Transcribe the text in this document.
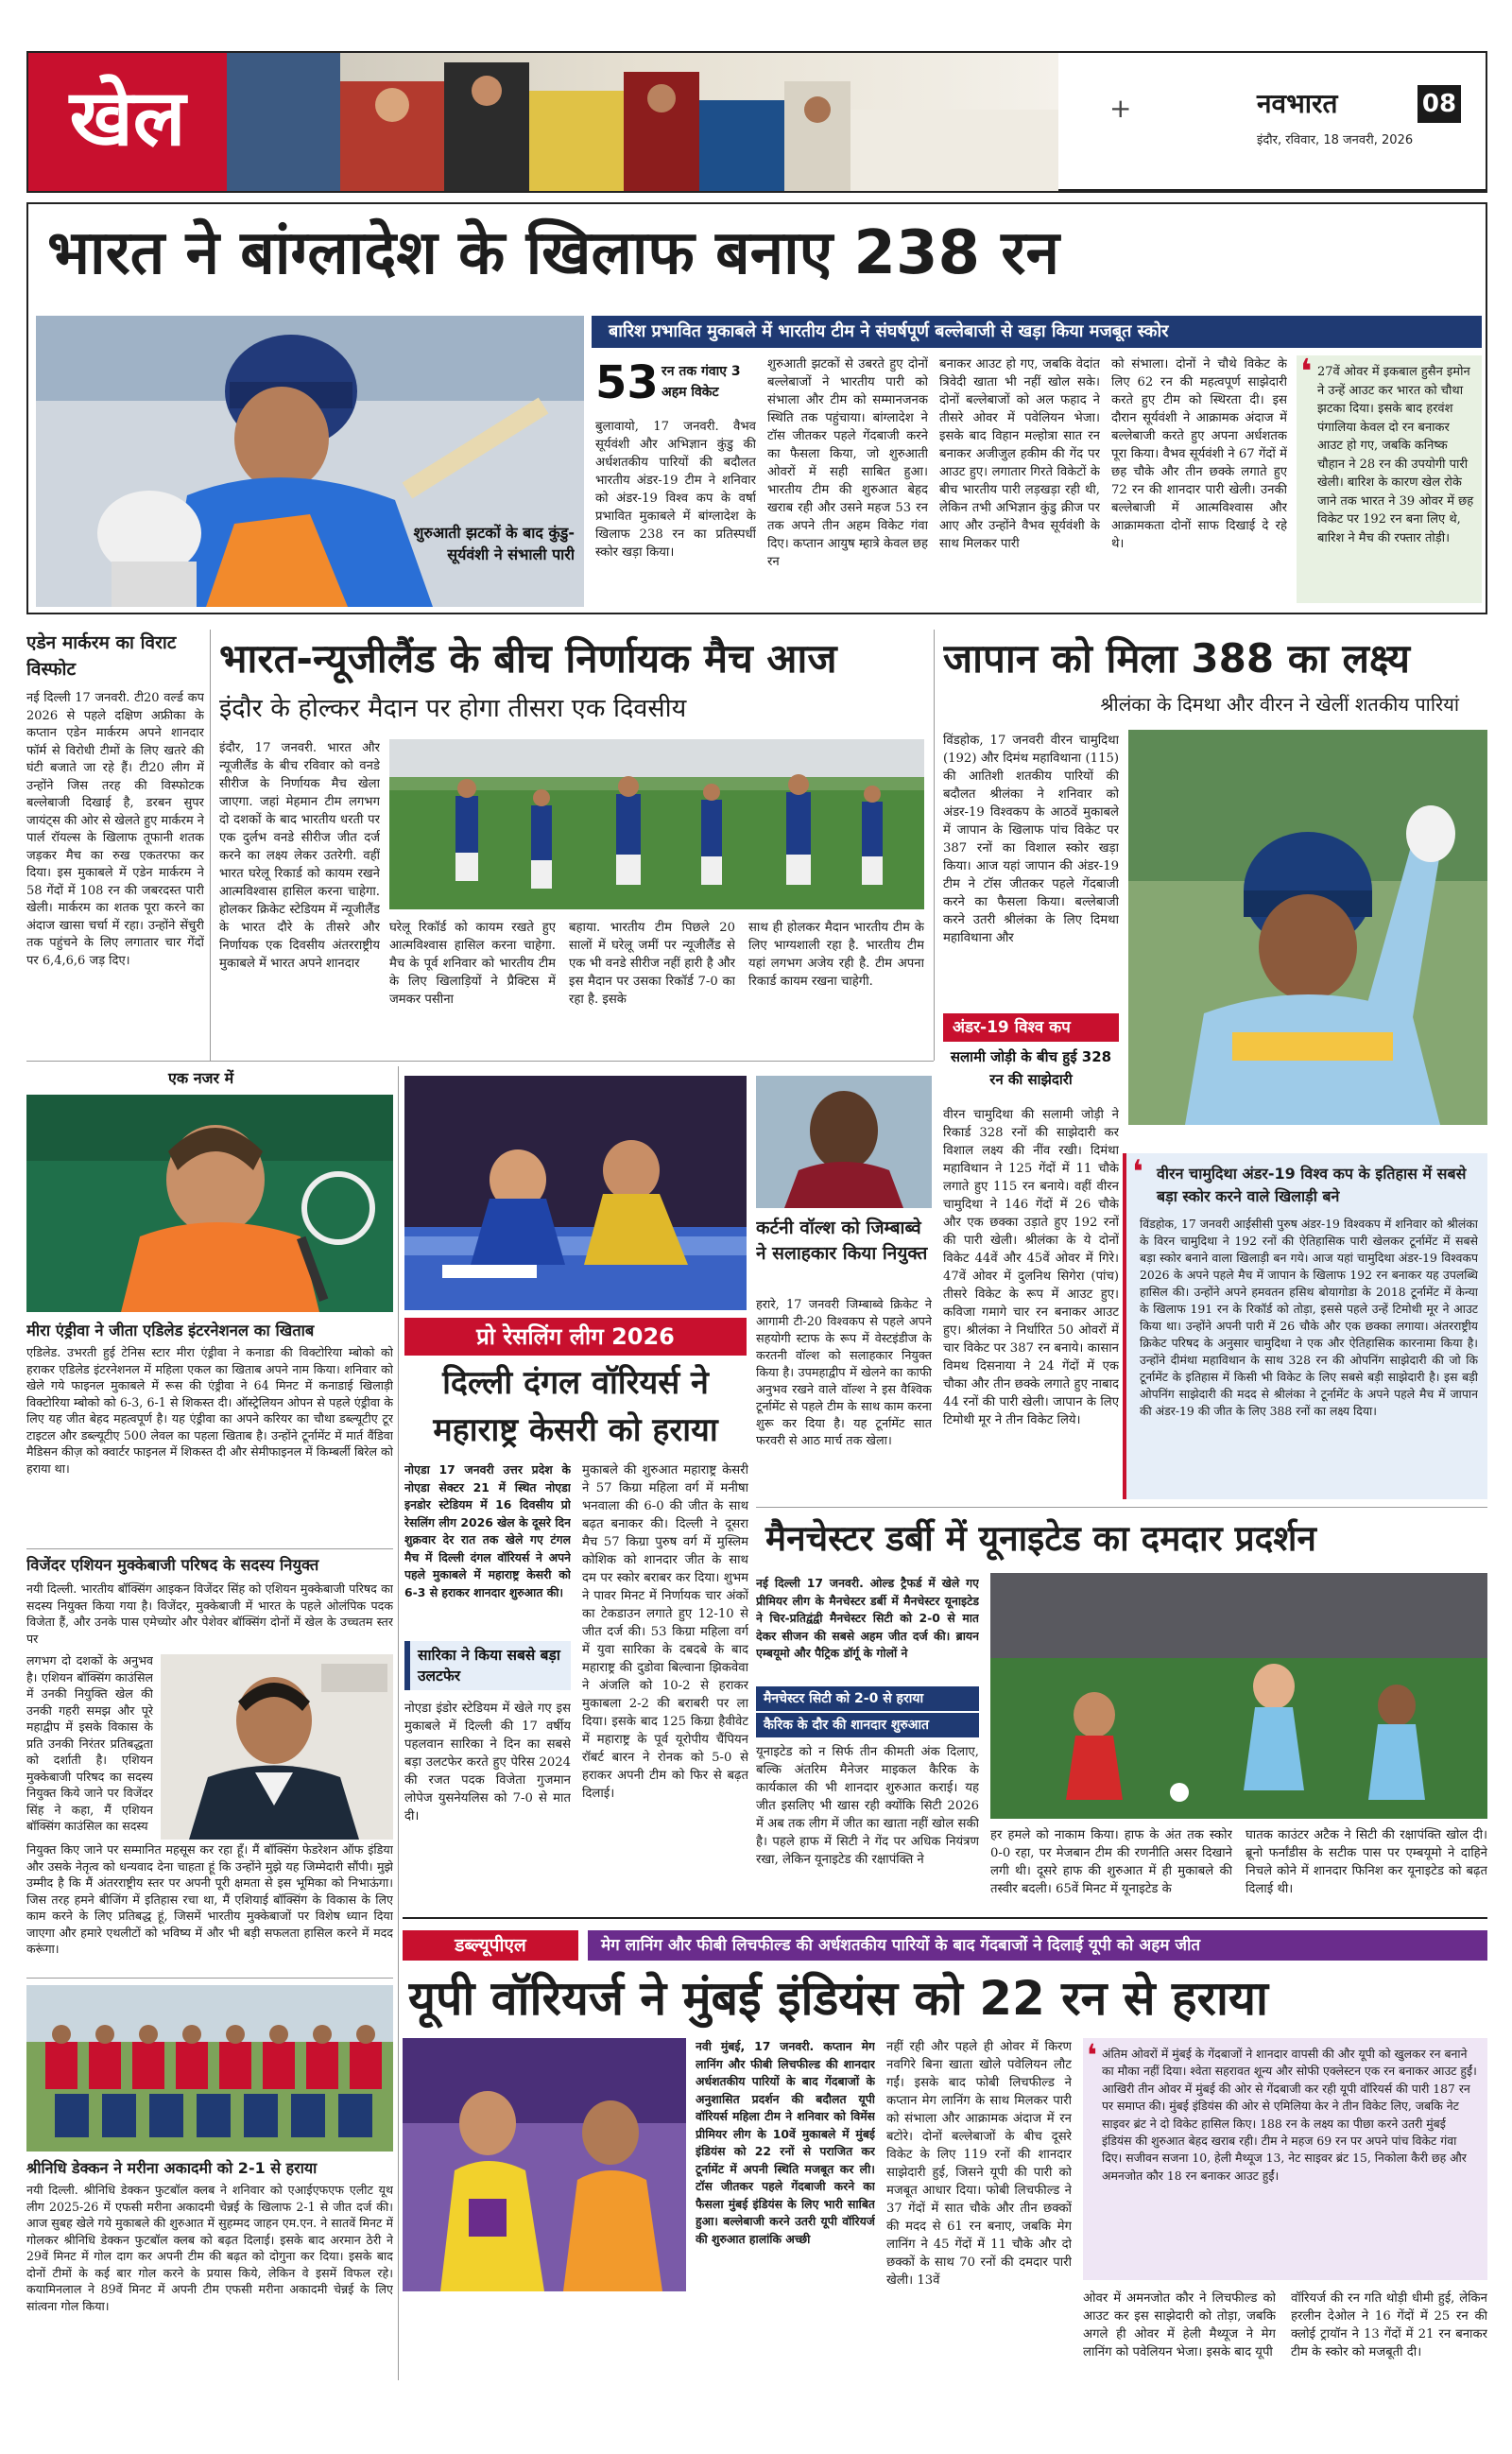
खेल	+	नवभारत	08
इंदौर, रविवार, 18 जनवरी, 2026
भारत ने बांग्लादेश के खिलाफ बनाए 238 रन
शुरुआती झटकों के बाद कुंडु-सूर्यवंशी ने संभाली पारी
बारिश प्रभावित मुकाबले में भारतीय टीम ने संघर्षपूर्ण बल्लेबाजी से खड़ा किया मजबूत स्कोर
53 रन तक गंवाए 3 अहम विकेट
बुलावायो, 17 जनवरी. वैभव सूर्यवंशी और अभिज्ञान कुंडु की अर्धशतकीय पारियों की बदौलत भारतीय अंडर-19 टीम ने शनिवार को अंडर-19 विश्व कप के वर्षा प्रभावित मुकाबले में बांग्लादेश के खिलाफ 238 रन का प्रतिस्पर्धी स्कोर खड़ा किया।
शुरुआती झटकों से उबरते हुए दोनों बल्लेबाजों ने भारतीय पारी को संभाला और टीम को सम्मानजनक स्थिति तक पहुंचाया। बांग्लादेश ने टॉस जीतकर पहले गेंदबाजी करने का फैसला किया, जो शुरुआती ओवरों में सही साबित हुआ। भारतीय टीम की शुरुआत बेहद खराब रही और उसने महज 53 रन तक अपने तीन अहम विकेट गंवा दिए। कप्तान आयुष म्हात्रे केवल छह रन
बनाकर आउट हो गए, जबकि वेदांत त्रिवेदी खाता भी नहीं खोल सके। दोनों बल्लेबाजों को अल फहाद ने तीसरे ओवर में पवेलियन भेजा। इसके बाद विहान मल्होत्रा सात रन बनाकर अजीजुल हकीम की गेंद पर आउट हुए। लगातार गिरते विकेटों के बीच भारतीय पारी लड़खड़ा रही थी, लेकिन तभी अभिज्ञान कुंडु क्रीज पर आए और उन्होंने वैभव सूर्यवंशी के साथ मिलकर पारी
को संभाला। दोनों ने चौथे विकेट के लिए 62 रन की महत्वपूर्ण साझेदारी करते हुए टीम को स्थिरता दी। इस दौरान सूर्यवंशी ने आक्रामक अंदाज में बल्लेबाजी करते हुए अपना अर्धशतक पूरा किया। वैभव सूर्यवंशी ने 67 गेंदों में छह चौके और तीन छक्के लगाते हुए 72 रन की शानदार पारी खेली। उनकी बल्लेबाजी में आत्मविश्वास और आक्रामकता दोनों साफ दिखाई दे रहे थे।
❛ 27वें ओवर में इकबाल हुसैन इमोन ने उन्हें आउट कर भारत को चौथा झटका दिया। इसके बाद हरवंश पंगालिया केवल दो रन बनाकर आउट हो गए, जबकि कनिष्क चौहान ने 28 रन की उपयोगी पारी खेली। बारिश के कारण खेल रोके जाने तक भारत ने 39 ओवर में छह विकेट पर 192 रन बना लिए थे, बारिश ने मैच की रफ्तार तोड़ी।
एडेन मार्करम का विराट विस्फोट
नई दिल्ली 17 जनवरी. टी20 वर्ल्ड कप 2026 से पहले दक्षिण अफ्रीका के कप्तान एडेन मार्करम अपने शानदार फॉर्म से विरोधी टीमों के लिए खतरे की घंटी बजाते जा रहे हैं। टी20 लीग में उन्होंने जिस तरह की विस्फोटक बल्लेबाजी दिखाई है, डरबन सुपर जायंट्स की ओर से खेलते हुए मार्करम ने पार्ल रॉयल्स के खिलाफ तूफानी शतक जड़कर मैच का रुख एकतरफा कर दिया। इस मुकाबले में एडेन मार्करम ने 58 गेंदों में 108 रन की जबरदस्त पारी खेली। मार्करम का शतक पूरा करने का अंदाज खासा चर्चा में रहा। उन्होंने सेंचुरी तक पहुंचने के लिए लगातार चार गेंदों पर 6,4,6,6 जड़ दिए।
भारत-न्यूजीलैंड के बीच निर्णायक मैच आज
इंदौर के होल्कर मैदान पर होगा तीसरा एक दिवसीय
इंदौर, 17 जनवरी. भारत और न्यूजीलैंड के बीच रविवार को वनडे सीरीज के निर्णायक मैच खेला जाएगा. जहां मेहमान टीम लगभग दो दशकों के बाद भारतीय धरती पर एक दुर्लभ वनडे सीरीज जीत दर्ज करने का लक्ष्य लेकर उतरेगी. वहीं भारत घरेलू रिकार्ड को कायम रखने आत्मविश्वास हासिल करना चाहेगा. होलकर क्रिकेट स्टेडियम में न्यूजीलैंड के भारत दौरे के तीसरे और निर्णायक एक दिवसीय अंतरराष्ट्रीय मुकाबले में भारत अपने शानदार
घरेलू रिकॉर्ड को कायम रखते हुए आत्मविश्वास हासिल करना चाहेगा. मैच के पूर्व शनिवार को भारतीय टीम के लिए खिलाड़ियों ने प्रैक्टिस में जमकर पसीना
बहाया. भारतीय टीम पिछले 20 सालों में घरेलू जमीं पर न्यूजीलैंड से एक भी वनडे सीरीज नहीं हारी है और इस मैदान पर उसका रिकॉर्ड 7-0 का रहा है. इसके
साथ ही होलकर मैदान भारतीय टीम के लिए भाग्यशाली रहा है. भारतीय टीम यहां लगभग अजेय रही है. टीम अपना रिकार्ड कायम रखना चाहेगी.
जापान को मिला 388 का लक्ष्य
श्रीलंका के दिमथा और वीरन ने खेलीं शतकीय पारियां
विंडहोक, 17 जनवरी वीरन चामुदिथा (192) और दिमंथ महाविथाना (115) की आतिशी शतकीय पारियों की बदौलत श्रीलंका ने शनिवार को अंडर-19 विश्वकप के आठवें मुकाबले में जापान के खिलाफ पांच विकेट पर 387 रनों का विशाल स्कोर खड़ा किया। आज यहां जापान की अंडर-19 टीम ने टॉस जीतकर पहले गेंदबाजी करने का फैसला किया। बल्लेबाजी करने उतरी श्रीलंका के लिए दिमथा महाविथाना और
अंडर-19 विश्व कप
सलामी जोड़ी के बीच हुई 328 रन की साझेदारी
वीरन चामुदिथा की सलामी जोड़ी ने रिकार्ड 328 रनों की साझेदारी कर विशाल लक्ष्य की नींव रखी। दिमंथा महाविथान ने 125 गेंदों में 11 चौके लगाते हुए 115 रन बनाये। वहीं वीरन चामुदिथा ने 146 गेंदों में 26 चौके और एक छक्का उड़ाते हुए 192 रनों की पारी खेली। श्रीलंका के ये दोनों विकेट 44वें और 45वें ओवर में गिरे। 47वें ओवर में दुलनिथ सिगेरा (पांच) तीसरे विकेट के रूप में आउट हुए। कविजा गमागे चार रन बनाकर आउट हुए। श्रीलंका ने निर्धारित 50 ओवरों में चार विकेट पर 387 रन बनाये। कासान विमथ दिसनाया ने 24 गेंदों में एक चौका और तीन छक्के लगाते हुए नाबाद 44 रनों की पारी खेली। जापान के लिए टिमोथी मूर ने तीन विकेट लिये।
एक नजर में
मीरा एंड्रीवा ने जीता एडिलेड इंटरनेशनल का खिताब
एडिलेड. उभरती हुई टेनिस स्टार मीरा एंड्रीवा ने कनाडा की विक्टोरिया म्बोको को हराकर एडिलेड इंटरनेशनल में महिला एकल का खिताब अपने नाम किया। शनिवार को खेले गये फाइनल मुकाबले में रूस की एंड्रीवा ने 64 मिनट में कनाडाई खिलाड़ी विक्टोरिया म्बोको को 6-3, 6-1 से शिकस्त दी। ऑस्ट्रेलियन ओपन से पहले एंड्रीवा के लिए यह जीत बेहद महत्वपूर्ण है। यह एंड्रीवा का अपने करियर का चौथा डब्ल्यूटीए टूर टाइटल और डब्ल्यूटीए 500 लेवल का पहला खिताब है। उन्होंने टूर्नामेंट में मार्त वैंडिवा मैडिसन कीज़ को क्वार्टर फाइनल में शिकस्त दी और सेमीफाइनल में किम्बर्ली बिरेल को हराया था।
विजेंदर एशियन मुक्केबाजी परिषद के सदस्य नियुक्त
नयी दिल्ली. भारतीय बॉक्सिंग आइकन विजेंदर सिंह को एशियन मुक्केबाजी परिषद का सदस्य नियुक्त किया गया है। विजेंदर, मुक्केबाजी में भारत के पहले ओलंपिक पदक विजेता हैं, और उनके पास एमेच्योर और पेशेवर बॉक्सिंग दोनों में खेल के उच्चतम स्तर पर
लगभग दो दशकों के अनुभव है। एशियन बॉक्सिंग काउंसिल में उनकी नियुक्ति खेल की उनकी गहरी समझ और पूरे महाद्वीप में इसके विकास के प्रति उनकी निरंतर प्रतिबद्धता को दर्शाती है। एशियन मुक्केबाजी परिषद का सदस्य नियुक्त किये जाने पर विजेंदर सिंह ने कहा, मैं एशियन बॉक्सिंग काउंसिल का सदस्य
नियुक्त किए जाने पर सम्मानित महसूस कर रहा हूँ। मैं बॉक्सिंग फेडरेशन ऑफ इंडिया और उसके नेतृत्व को धन्यवाद देना चाहता हूं कि उन्होंने मुझे यह जिम्मेदारी सौंपी। मुझे उम्मीद है कि मैं अंतरराष्ट्रीय स्तर पर अपनी पूरी क्षमता से इस भूमिका को निभाऊंगा। जिस तरह हमने बीजिंग में इतिहास रचा था, मैं एशियाई बॉक्सिंग के विकास के लिए काम करने के लिए प्रतिबद्ध हूं, जिसमें भारतीय मुक्केबाजों पर विशेष ध्यान दिया जाएगा और हमारे एथलीटों को भविष्य में और भी बड़ी सफलता हासिल करने में मदद करूंगा।
श्रीनिधि डेक्कन ने मरीना अकादमी को 2-1 से हराया
नयी दिल्ली. श्रीनिधि डेक्कन फुटबॉल क्लब ने शनिवार को एआईएफएफ एलीट यूथ लीग 2025-26 में एफसी मरीना अकादमी चेन्नई के खिलाफ 2-1 से जीत दर्ज की। आज सुबह खेले गये मुकाबले की शुरुआत में सुहम्मद जाहन एम.एन. ने सातवें मिनट में गोलकर श्रीनिधि डेक्कन फुटबॉल क्लब को बढ़त दिलाई। इसके बाद अरमान ठेरी ने 29वें मिनट में गोल दाग कर अपनी टीम की बढ़त को दोगुना कर दिया। इसके बाद दोनों टीमों के कई बार गोल करने के प्रयास किये, लेकिन वे इसमें विफल रहे। कयामिनलाल ने 89वें मिनट में अपनी टीम एफसी मरीना अकादमी चेन्नई के लिए सांत्वना गोल किया।
प्रो रेसलिंग लीग 2026
दिल्ली दंगल वॉरियर्स ने महाराष्ट्र केसरी को हराया
नोएडा 17 जनवरी उत्तर प्रदेश के नोएडा सेक्टर 21 में स्थित नोएडा इनडोर स्टेडियम में 16 दिवसीय प्रो रेसलिंग लीग 2026 खेल के दूसरे दिन शुक्रवार देर रात तक खेले गए टंगल मैच में दिल्ली दंगल वॉरियर्स ने अपने पहले मुकाबले में महाराष्ट्र केसरी को 6-3 से हराकर शानदार शुरुआत की।
सारिका ने किया सबसे बड़ा उलटफेर
नोएडा इंडोर स्टेडियम में खेले गए इस मुकाबले में दिल्ली की 17 वर्षीय पहलवान सारिका ने दिन का सबसे बड़ा उलटफेर करते हुए पेरिस 2024 की रजत पदक विजेता गुजमान लोपेज युसनेयलिस को 7-0 से मात दी।
मुकाबले की शुरुआत महाराष्ट्र केसरी ने 57 किग्रा महिला वर्ग में मनीषा भनवाला की 6-0 की जीत के साथ बढ़त बनाकर की। दिल्ली ने दूसरा मैच 57 किग्रा पुरुष वर्ग में मुस्लिम कोशिक को शानदार जीत के साथ दम पर स्कोर बराबर कर दिया। शुभम ने पावर मिनट में निर्णायक चार अंकों का टेकडाउन लगाते हुए 12-10 से जीत दर्ज की। 53 किग्रा महिला वर्ग में युवा सारिका के दबदबे के बाद महाराष्ट्र की दुडोवा बिल्वाना झिकवेवा ने अंजलि को 10-2 से हराकर मुकाबला 2-2 की बराबरी पर ला दिया। इसके बाद 125 किग्रा हैवीवेट में महाराष्ट्र के पूर्व यूरोपीय चैंपियन रॉबर्ट बारन ने रोनक को 5-0 से हराकर अपनी टीम को फिर से बढ़त दिलाई।
कर्टनी वॉल्श को जिम्बाब्वे ने सलाहकार किया नियुक्त
हरारे, 17 जनवरी जिम्बाब्वे क्रिकेट ने आगामी टी-20 विश्वकप से पहले अपने सहयोगी स्टाफ के रूप में वेस्टइंडीज के करतनी वॉल्श को सलाहकार नियुक्त किया है। उपमहाद्वीप में खेलने का काफी अनुभव रखने वाले वॉल्श ने इस वैश्विक टूर्नामेंट से पहले टीम के साथ काम करना शुरू कर दिया है। यह टूर्नामेंट सात फरवरी से आठ मार्च तक खेला।
❛ वीरन चामुदिथा अंडर-19 विश्व कप के इतिहास में सबसे बड़ा स्कोर करने वाले खिलाड़ी बने
विंडहोक, 17 जनवरी आईसीसी पुरुष अंडर-19 विश्वकप में शनिवार को श्रीलंका के विरन चामुदिथा ने 192 रनों की ऐतिहासिक पारी खेलकर टूर्नामेंट में सबसे बड़ा स्कोर बनाने वाला खिलाड़ी बन गये। आज यहां चामुदिथा अंडर-19 विश्वकप 2026 के अपने पहले मैच में जापान के खिलाफ 192 रन बनाकर यह उपलब्धि हासिल की। उन्होंने अपने हमवतन हसिथ बोयागोडा के 2018 टूर्नामेंट में केन्या के खिलाफ 191 रन के रिकॉर्ड को तोड़ा, इससे पहले उन्हें टिमोथी मूर ने आउट किया था। उन्होंने अपनी पारी में 26 चौके और एक छक्का लगाया। अंतरराष्ट्रीय क्रिकेट परिषद के अनुसार चामुदिथा ने एक और ऐतिहासिक कारनामा किया है। उन्होंने दीमंथा महाविथान के साथ 328 रन की ओपनिंग साझेदारी की जो कि टूर्नामेंट के इतिहास में किसी भी विकेट के लिए सबसे बड़ी साझेदारी है। इस बड़ी ओपनिंग साझेदारी की मदद से श्रीलंका ने टूर्नामेंट के अपने पहले मैच में जापान की अंडर-19 की जीत के लिए 388 रनों का लक्ष्य दिया।
मैनचेस्टर डर्बी में यूनाइटेड का दमदार प्रदर्शन
नई दिल्ली 17 जनवरी. ओल्ड ट्रैफर्ड में खेले गए प्रीमियर लीग के मैनचेस्टर डर्बी में मैनचेस्टर यूनाइटेड ने चिर-प्रतिद्वंद्वी मैनचेस्टर सिटी को 2-0 से मात देकर सीजन की सबसे अहम जीत दर्ज की। ब्रायन एम्बयूमो और पैट्रिक डॉर्गू के गोलों ने
मैनचेस्टर सिटी को 2-0 से हराया
कैरिक के दौर की शानदार शुरुआत
यूनाइटेड को न सिर्फ तीन कीमती अंक दिलाए, बल्कि अंतरिम मैनेजर माइकल कैरिक के कार्यकाल की भी शानदार शुरुआत कराई। यह जीत इसलिए भी खास रही क्योंकि सिटी 2026 में अब तक लीग में जीत का खाता नहीं खोल सकी है। पहले हाफ में सिटी ने गेंद पर अधिक नियंत्रण रखा, लेकिन यूनाइटेड की रक्षापंक्ति ने
हर हमले को नाकाम किया। हाफ के अंत तक स्कोर 0-0 रहा, पर मेजबान टीम की रणनीति असर दिखाने लगी थी। दूसरे हाफ की शुरुआत में ही मुकाबले की तस्वीर बदली। 65वें मिनट में यूनाइटेड के
घातक काउंटर अटैक ने सिटी की रक्षापंक्ति खोल दी। ब्रूनो फर्नांडीस के सटीक पास पर एम्बयूमो ने दाहिने निचले कोने में शानदार फिनिश कर यूनाइटेड को बढ़त दिलाई थी।
डब्ल्यूपीएल	मेग लानिंग और फीबी लिचफील्ड की अर्धशतकीय पारियों के बाद गेंदबाजों ने दिलाई यूपी को अहम जीत
यूपी वॉरियर्ज ने मुंबई इंडियंस को 22 रन से हराया
नवी मुंबई, 17 जनवरी. कप्तान मेग लानिंग और फीबी लिचफील्ड की शानदार अर्धशतकीय पारियों के बाद गेंदबाजों के अनुशासित प्रदर्शन की बदौलत यूपी वॉरियर्स महिला टीम ने शनिवार को विमेंस प्रीमियर लीग के 10वें मुकाबले में मुंबई इंडियंस को 22 रनों से पराजित कर टूर्नामेंट में अपनी स्थिति मजबूत कर ली। टॉस जीतकर पहले गेंदबाजी करने का फैसला मुंबई इंडियंस के लिए भारी साबित हुआ। बल्लेबाजी करने उतरी यूपी वॉरियर्ज की शुरुआत हालांकि अच्छी
नहीं रही और पहले ही ओवर में किरण नवगिरे बिना खाता खोले पवेलियन लौट गईं। इसके बाद फोबी लिचफील्ड ने कप्तान मेग लानिंग के साथ मिलकर पारी को संभाला और आक्रामक अंदाज में रन बटोरे। दोनों बल्लेबाजों के बीच दूसरे विकेट के लिए 119 रनों की शानदार साझेदारी हुई, जिसने यूपी की पारी को मजबूत आधार दिया। फोबी लिचफील्ड ने 37 गेंदों में सात चौके और तीन छक्कों की मदद से 61 रन बनाए, जबकि मेग लानिंग ने 45 गेंदों में 11 चौके और दो छक्कों के साथ 70 रनों की दमदार पारी खेली। 13वें
❛ अंतिम ओवरों में मुंबई के गेंदबाजों ने शानदार वापसी की और यूपी को खुलकर रन बनाने का मौका नहीं दिया। श्वेता सहरावत शून्य और सोफी एक्लेस्टन एक रन बनाकर आउट हुईं। आखिरी तीन ओवर में मुंबई की ओर से गेंदबाजी कर रही यूपी वॉरियर्स की पारी 187 रन पर समाप्त की। मुंबई इंडियंस की ओर से एमिलिया केर ने तीन विकेट लिए, जबकि नेट साइवर ब्रंट ने दो विकेट हासिल किए। 188 रन के लक्ष्य का पीछा करने उतरी मुंबई इंडियंस की शुरुआत बेहद खराब रही। टीम ने महज 69 रन पर अपने पांच विकेट गंवा दिए। सजीवन सजना 10, हेली मैथ्यूज 13, नेट साइवर ब्रंट 15, निकोला कैरी छह और अमनजोत कौर 18 रन बनाकर आउट हुईं।
ओवर में अमनजोत कौर ने लिचफील्ड को आउट कर इस साझेदारी को तोड़ा, जबकि अगले ही ओवर में हेली मैथ्यूज ने मेग लानिंग को पवेलियन भेजा। इसके बाद यूपी
वॉरियर्ज की रन गति थोड़ी धीमी हुई, लेकिन हरलीन देओल ने 16 गेंदों में 25 रन की क्लोई ट्रायॉन ने 13 गेंदों में 21 रन बनाकर टीम के स्कोर को मजबूती दी।
